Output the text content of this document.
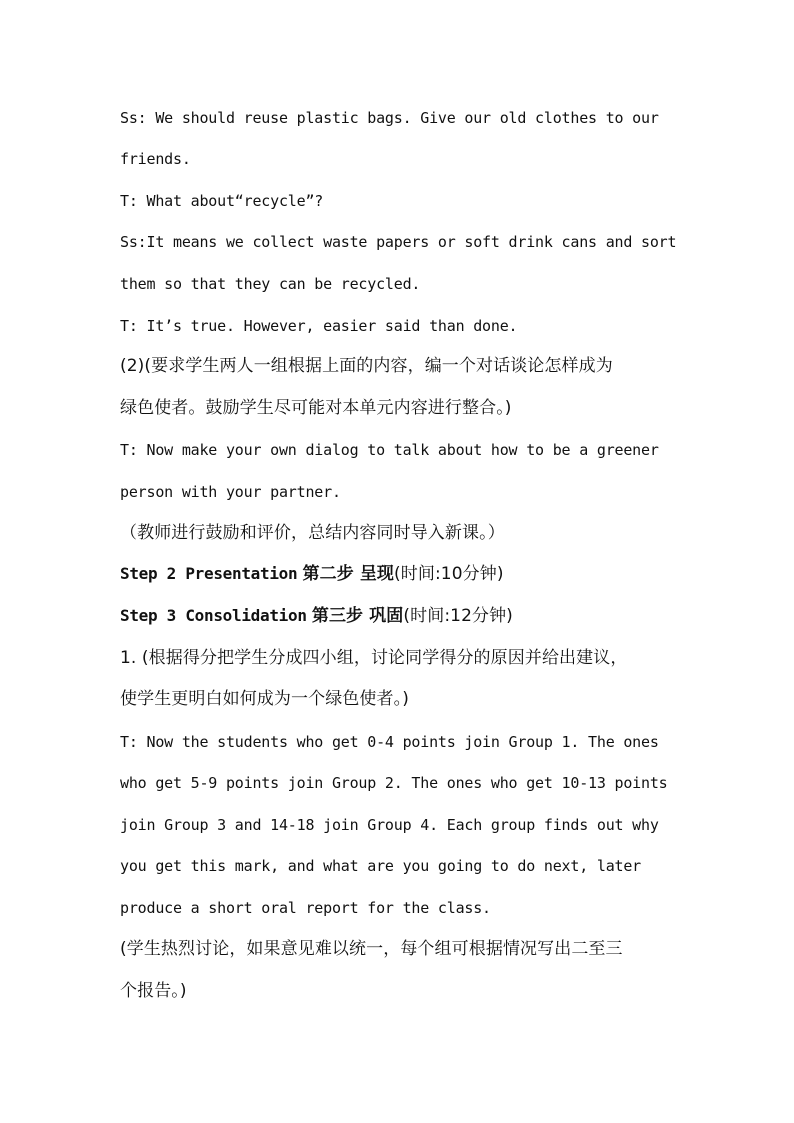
Ss: We should reuse plastic bags. Give our old clothes to our
friends.
T: What about“recycle”?
Ss:It means we collect waste papers or soft drink cans and sort
them so that they can be recycled.
T: It’s true. However, easier said than done.
(2)(要求学生两人一组根据上面的内容，编一个对话谈论怎样成为
绿色使者。鼓励学生尽可能对本单元内容进行整合。)
T: Now make your own dialog to talk about how to be a greener
person with your partner.
（教师进行鼓励和评价，总结内容同时导入新课。）
Step 2 Presentation 第二步 呈现(时间:10分钟)
Step 3 Consolidation 第三步 巩固(时间:12分钟)
1. (根据得分把学生分成四小组，讨论同学得分的原因并给出建议，
使学生更明白如何成为一个绿色使者。)
T: Now the students who get 0-4 points join Group 1. The ones
who get 5-9 points join Group 2. The ones who get 10-13 points
join Group 3 and 14-18 join Group 4. Each group finds out why
you get this mark, and what are you going to do next, later
produce a short oral report for the class.
(学生热烈讨论，如果意见难以统一，每个组可根据情况写出二至三
个报告。)
